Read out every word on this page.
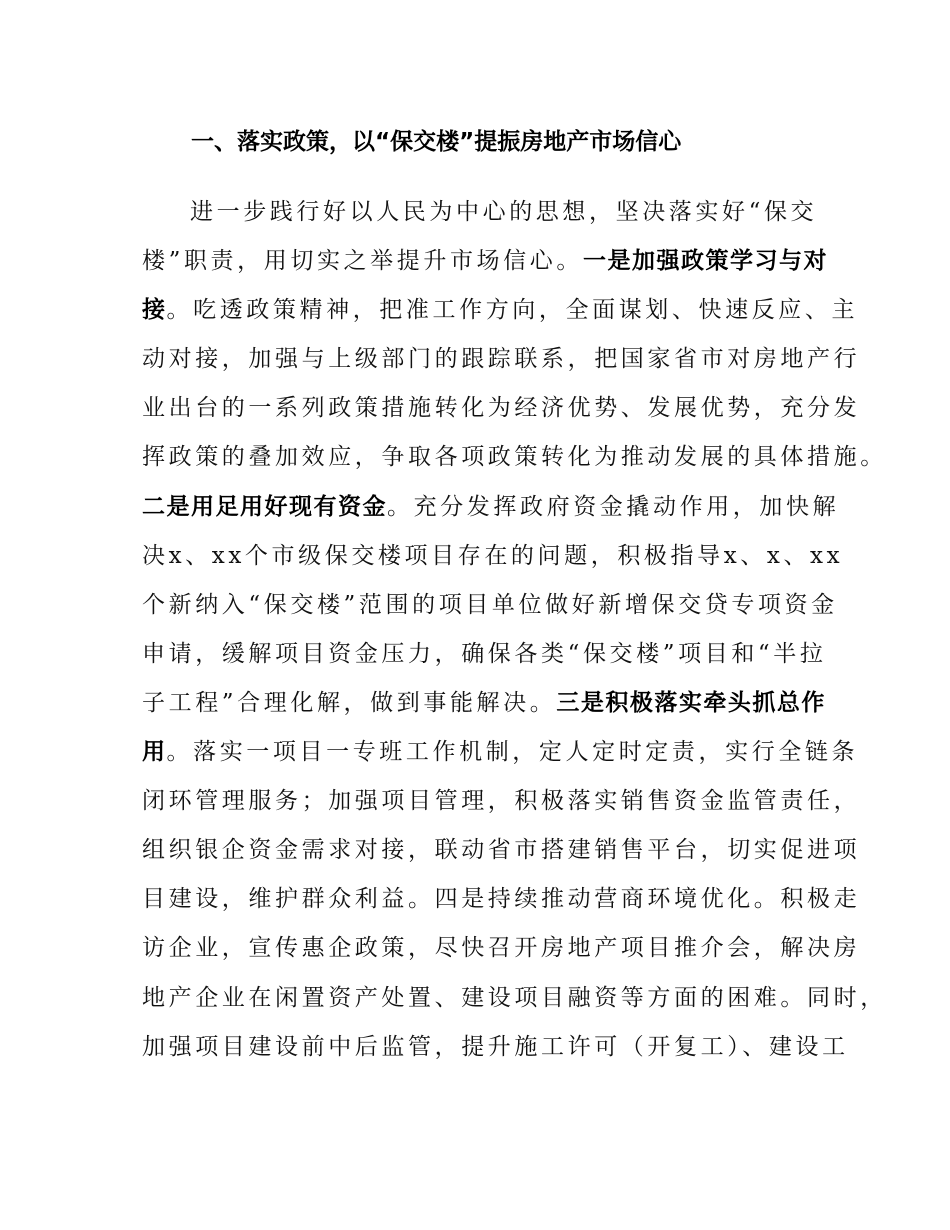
一、落实政策，以“保交楼”提振房地产市场信心
进一步践行好以人民为中心的思想，坚决落实好“保交
楼”职责，用切实之举提升市场信心。一是加强政策学习与对
接。吃透政策精神，把准工作方向，全面谋划、快速反应、主
动对接，加强与上级部门的跟踪联系，把国家省市对房地产行
业出台的一系列政策措施转化为经济优势、发展优势，充分发
挥政策的叠加效应，争取各项政策转化为推动发展的具体措施。
二是用足用好现有资金。充分发挥政府资金撬动作用，加快解
决x、xx个市级保交楼项目存在的问题，积极指导x、x、xx
个新纳入“保交楼”范围的项目单位做好新增保交贷专项资金
申请，缓解项目资金压力，确保各类“保交楼”项目和“半拉
子工程”合理化解，做到事能解决。三是积极落实牵头抓总作
用。落实一项目一专班工作机制，定人定时定责，实行全链条
闭环管理服务；加强项目管理，积极落实销售资金监管责任，
组织银企资金需求对接，联动省市搭建销售平台，切实促进项
目建设，维护群众利益。四是持续推动营商环境优化。积极走
访企业，宣传惠企政策，尽快召开房地产项目推介会，解决房
地产企业在闲置资产处置、建设项目融资等方面的困难。同时，
加强项目建设前中后监管，提升施工许可（开复工）、建设工
